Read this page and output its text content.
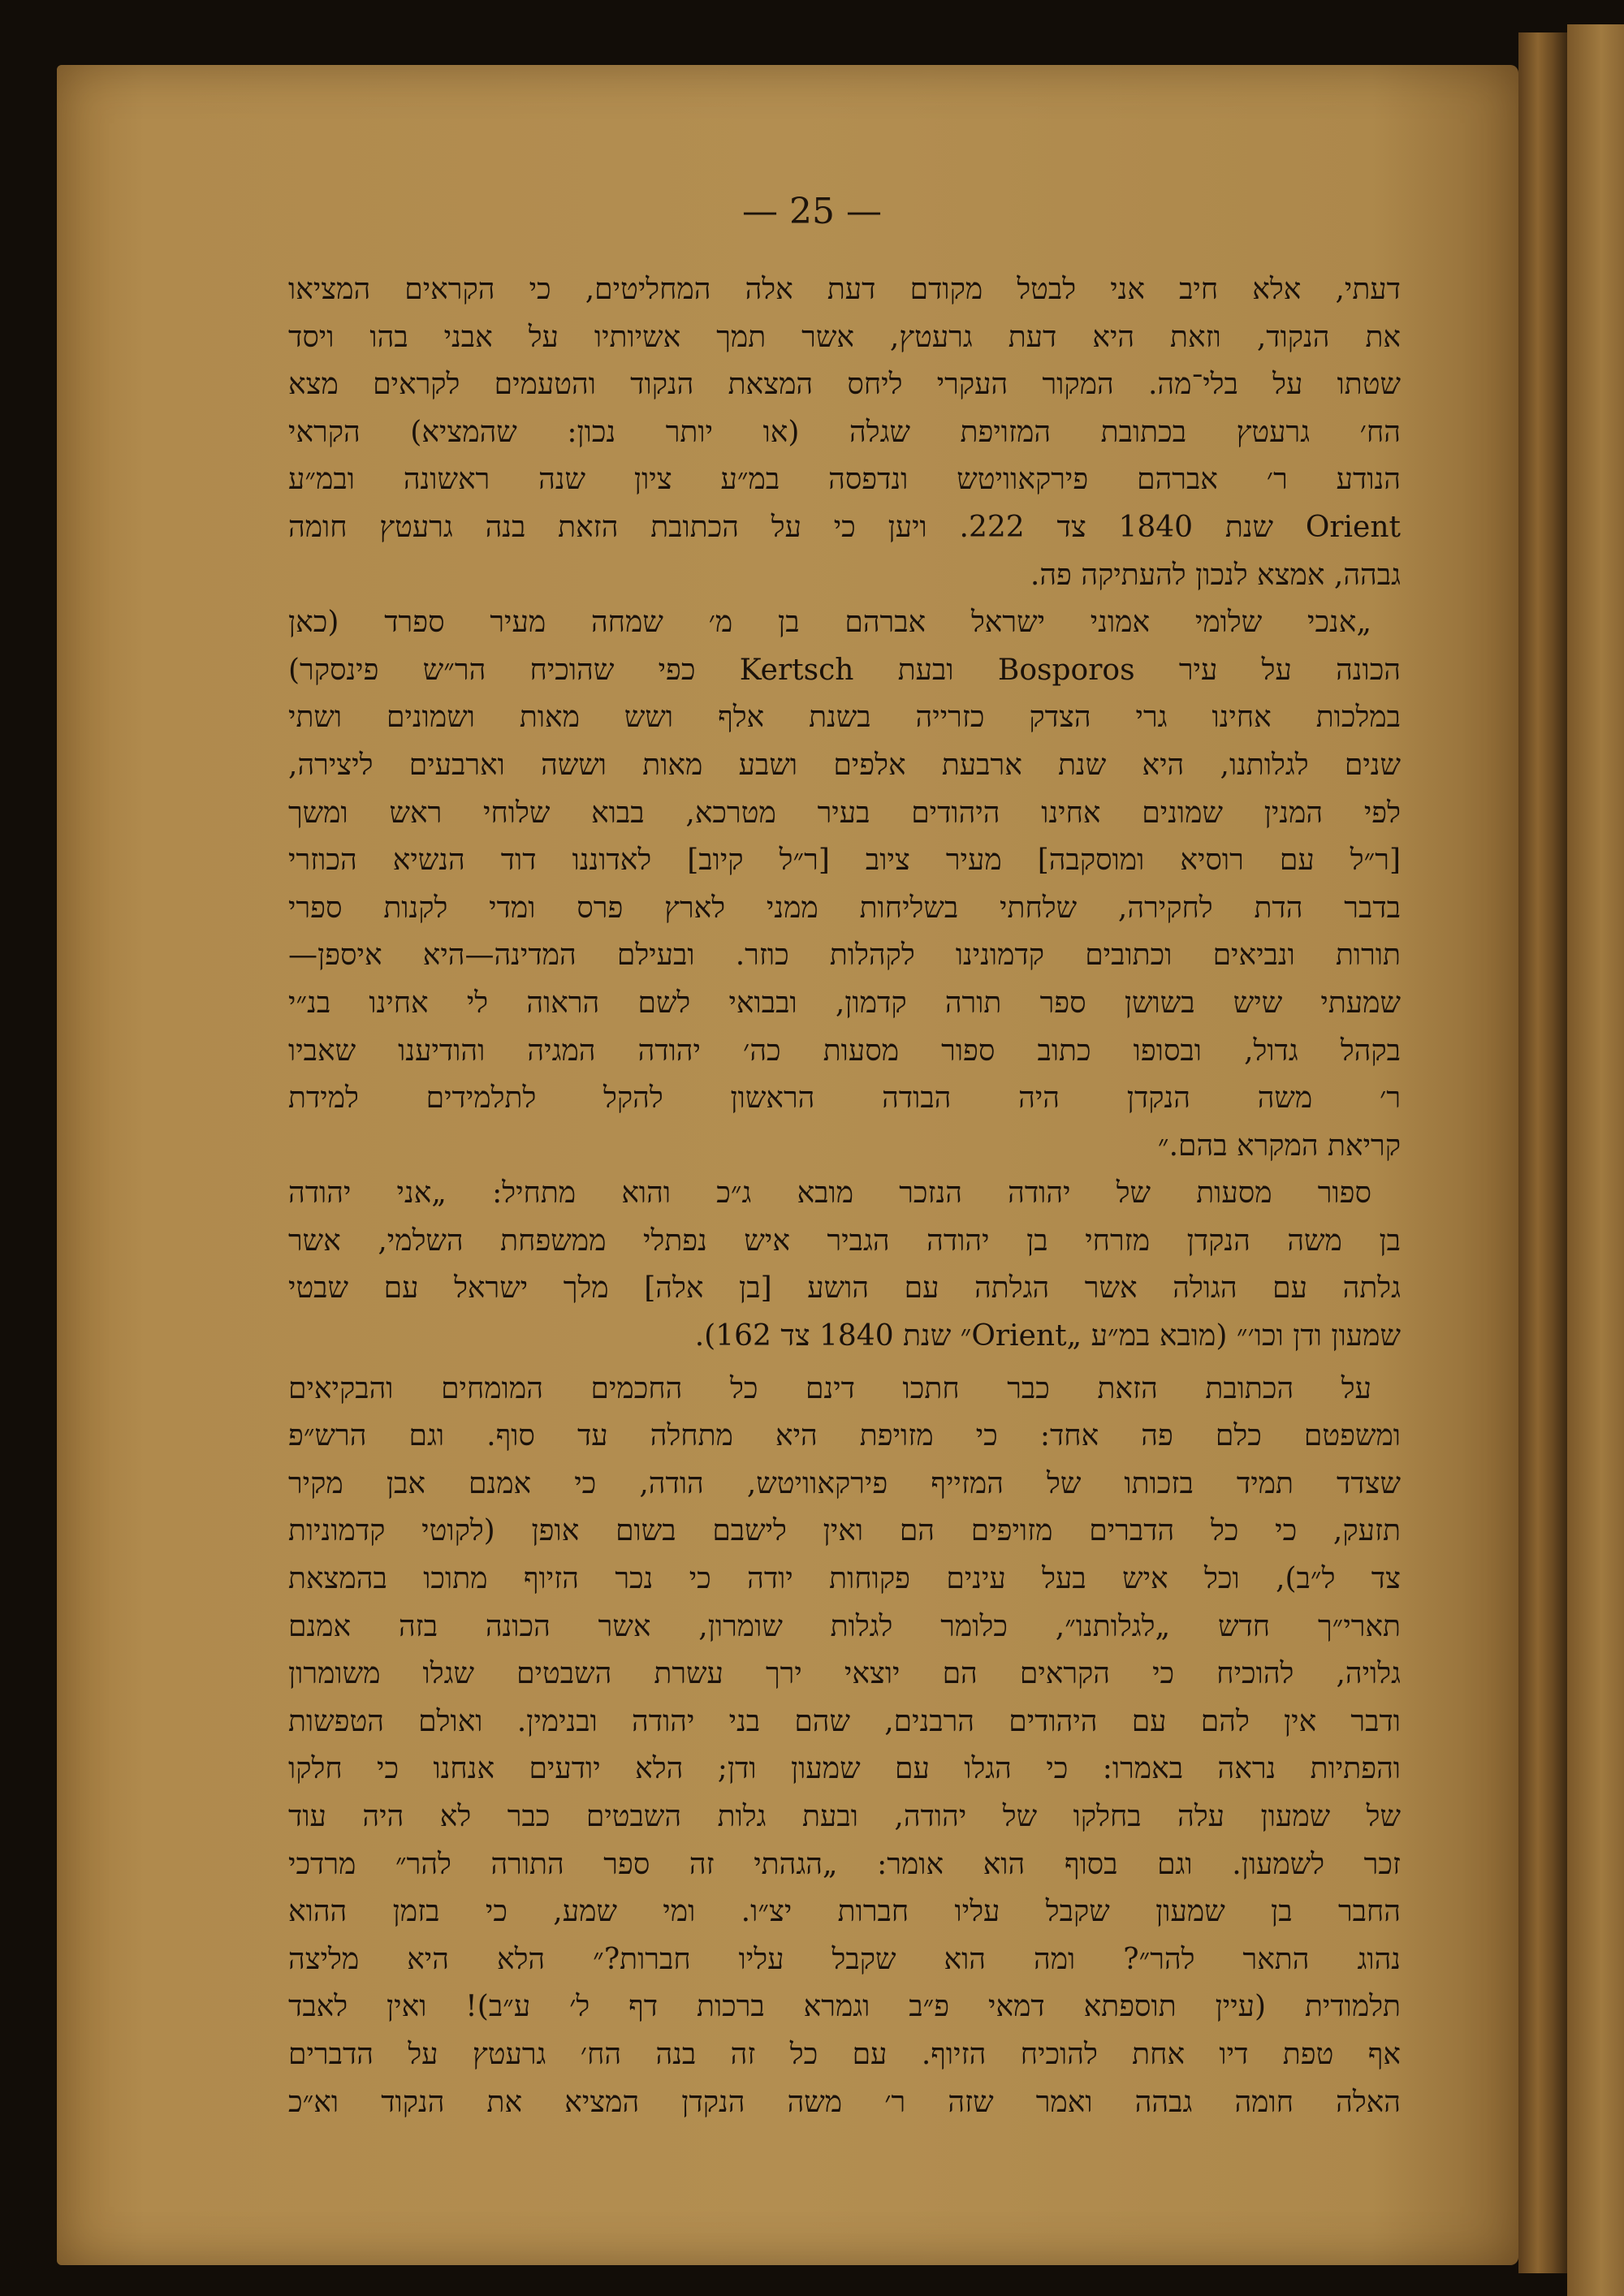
— 25 —

דעתי, אלא חיב אני לבטל מקודם דעת אלה המחליטים, כי הקראים המציאו
את הנקוד, וזאת היא דעת גרעטץ, אשר תמך אשיותיו על אבני בהו ויסד
שטתו על בלי־מה. המקור העקרי ליחס המצאת הנקוד והטעמים לקראים מצא
הח׳ גרעטץ בכתובת המזויפת שגלה (או יותר נכון: שהמציא) הקראי
הנודע ר׳ אברהם פירקאוויטש ונדפסה במ״ע ציון שנה ראשונה ובמ״ע
Orient שנת 1840 צד 222. ויען כי על הכתובת הזאת בנה גרעטץ חומה
גבהה, אמצא לנכון להעתיקה פה.

„אנכי שלומי אמוני ישראל אברהם בן מ׳ שמחה מעיר ספרד (כאן
הכונה על עיר Bosporos ובעת Kertsch כפי שהוכיח הר״ש פינסקר)
במלכות אחינו גרי הצדק כזרייה בשנת אלף ושש מאות ושמונים ושתי
שנים לגלותנו, היא שנת ארבעת אלפים ושבע מאות וששה וארבעים ליצירה,
לפי המנין שמונים אחינו היהודים בעיר מטרכא, בבוא שלוחי ראש ומשך
[ר״ל עם רוסיא ומוסקבה] מעיר ציוב [ר״ל קיוב] לאדוננו דוד הנשיא הכוזרי
בדבר הדת לחקירה, שלחתי בשליחות ממני לארץ פרס ומדי לקנות ספרי
תורות ונביאים וכתובים קדמונינו לקהלות כוזר. ובעילם המדינה—היא איספן—
שמעתי שיש בשושן ספר תורה קדמון, ובבואי לשם הראוה לי אחינו בנ״י
בקהל גדול, ובסופו כתוב ספור מסעות כה׳ יהודה המגיה והודיענו שאביו
ר׳ משה הנקדן היה הבודה הראשון להקל לתלמידים למידת
קריאת המקרא בהם.״

ספור מסעות של יהודה הנזכר מובא ג״כ והוא מתחיל: „אני יהודה
בן משה הנקדן מזרחי בן יהודה הגביר איש נפתלי ממשפחת השלמי, אשר
גלתה עם הגולה אשר הגלתה עם הושע [בן אלה] מלך ישראל עם שבטי
שמעון ודן וכו׳״ (מובא במ״ע „Orient״ שנת 1840 צד 162).

על הכתובת הזאת כבר חתכו דינם כל החכמים המומחים והבקיאים
ומשפטם כלם פה אחד: כי מזויפת היא מתחלה עד סוף. וגם הרש״פ
שצדד תמיד בזכותו של המזייף פירקאוויטש, הודה, כי אמנם אבן מקיר
תזעק, כי כל הדברים מזויפים הם ואין לישבם בשום אופן (לקוטי קדמוניות
צד ל״ב), וכל איש בעל עינים פקוחות יודה כי נכר הזיוף מתוכו בהמצאת
תארי״ך חדש „לגלותנו״, כלומר לגלות שומרון, אשר הכונה בזה אמנם
גלויה, להוכיח כי הקראים הם יוצאי ירך עשרת השבטים שגלו משומרון
ודבר אין להם עם היהודים הרבנים, שהם בני יהודה ובנימין. ואולם הטפשות
והפתיות נראה באמרו: כי הגלו עם שמעון ודן; הלא יודעים אנחנו כי חלקו
של שמעון עלה בחלקו של יהודה, ובעת גלות השבטים כבר לא היה עוד
זכר לשמעון. וגם בסוף הוא אומר: „הגהתי זה ספר התורה להר״ מרדכי
החבר בן שמעון שקבל עליו חברות יצ״ו. ומי שמע, כי בזמן ההוא
נהוג התאר להר״? ומה הוא שקבל עליו חברות?״ הלא היא מליצה
תלמודית (עיין תוספתא דמאי פ״ב וגמרא ברכות דף ל׳ ע״ב)! ואין לאבד
אף טפת דיו אחת להוכיח הזיוף. עם כל זה בנה הח׳ גרעטץ על הדברים
האלה חומה גבהה ואמר שזה ר׳ משה הנקדן המציא את הנקוד וא״כ
